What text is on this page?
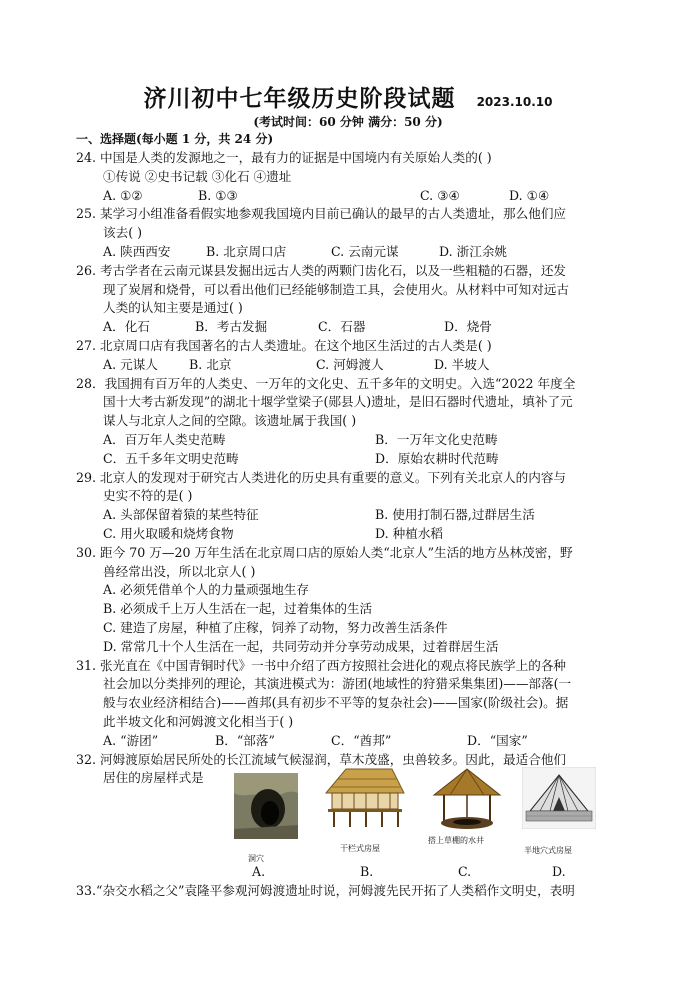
济川初中七年级历史阶段试题 2023.10.10
(考试时间：60 分钟 满分：50 分)
一、选择题(每小题 1 分，共 24 分)
24. 中国是人类的发源地之一，最有力的证据是中国境内有关原始人类的( )
①传说 ②史书记载 ③化石 ④遗址
A. ①②	B. ①③	C. ③④	D. ①④
25. 某学习小组准备看假实地参观我国境内目前已确认的最早的古人类遗址，那么他们应
该去( )
A. 陕西西安	B. 北京周口店	C. 云南元谋	D. 浙江余姚
26. 考古学者在云南元谋县发掘出远古人类的两颗门齿化石，以及一些粗糙的石器，还发
现了炭屑和烧骨，可以看出他们已经能够制造工具，会使用火。从材料中可知对远古
人类的认知主要是通过( )
A．化石	B．考古发掘	C．石器	D．烧骨
27. 北京周口店有我国著名的古人类遗址。在这个地区生活过的古人类是( )
A. 元谋人	B. 北京	C. 河姆渡人	D. 半坡人
28．我国拥有百万年的人类史、一万年的文化史、五千多年的文明史。入选“2022 年度全
国十大考古新发现”的湖北十堰学堂梁子(郧县人)遗址，是旧石器时代遗址，填补了元
谋人与北京人之间的空隙。该遗址属于我国( )
A．百万年人类史范畴	B．一万年文化史范畴
C．五千多年文明史范畴	D．原始农耕时代范畴
29. 北京人的发现对于研究古人类进化的历史具有重要的意义。下列有关北京人的内容与
史实不符的是( )
A. 头部保留着猿的某些特征	B. 使用打制石器,过群居生活
C. 用火取暖和烧烤食物	D. 种植水稻
30. 距今 70 万—20 万年生活在北京周口店的原始人类“北京人”生活的地方丛林茂密，野
兽经常出没，所以北京人( )
A. 必须凭借单个人的力量顽强地生存
B. 必须成千上万人生活在一起，过着集体的生活
C. 建造了房屋，种植了庄稼，饲养了动物，努力改善生活条件
D. 常常几十个人生活在一起，共同劳动并分享劳动成果，过着群居生活
31. 张光直在《中国青铜时代》一书中介绍了西方按照社会进化的观点将民族学上的各种
社会加以分类排列的理论，其演进模式为：游团(地域性的狩猎采集集团)——部落(一
般与农业经济相结合)——酋邦(具有初步不平等的复杂社会)——国家(阶级社会)。据
此半坡文化和河姆渡文化相当于( )
A. “游团”	B．“部落”	C．“酋邦”	D．“国家”
32. 河姆渡原始居民所处的长江流域气候湿润，草木茂盛，虫兽较多。因此，最适合他们
居住的房屋样式是
洞穴
干栏式房屋
搭上草棚的水井
半地穴式房屋
A.	B.	C.	D.
33.“杂交水稻之父”袁隆平参观河姆渡遗址时说，河姆渡先民开拓了人类稻作文明史，表明
